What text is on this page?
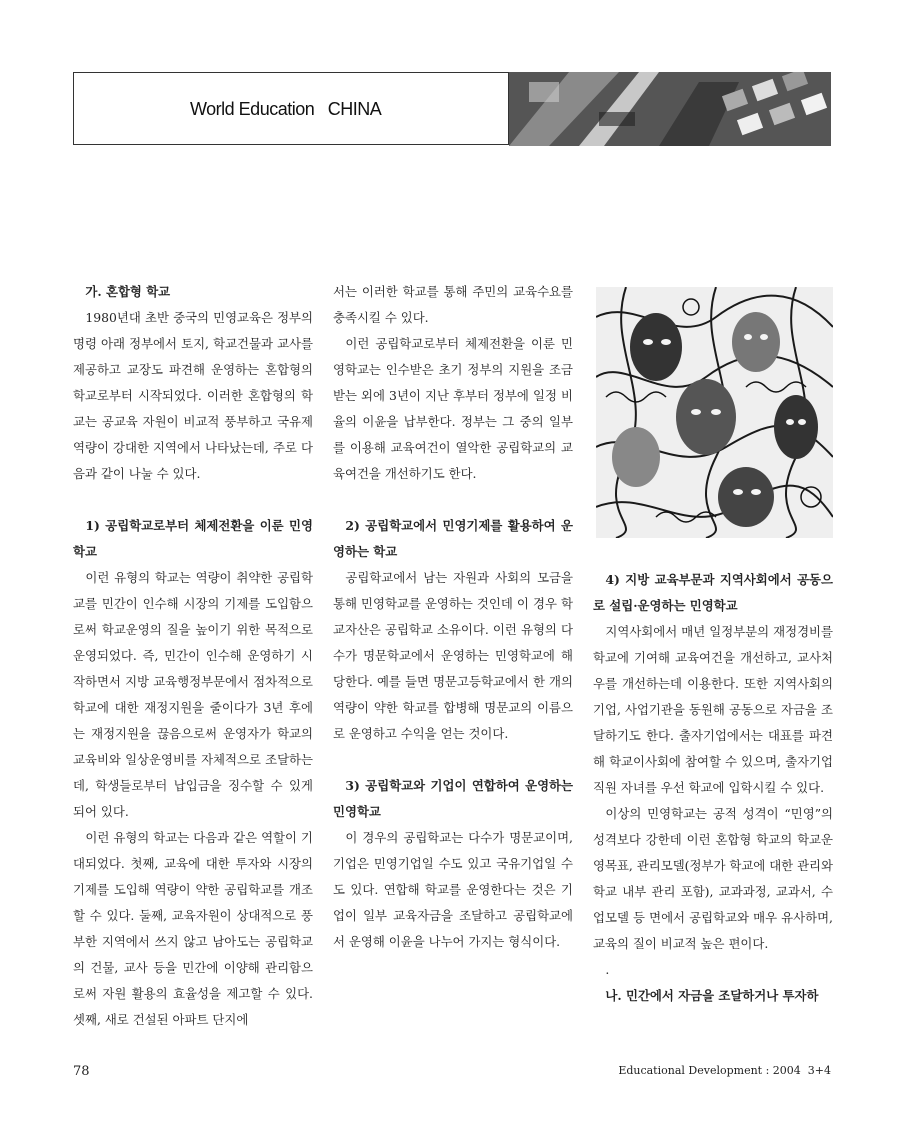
World Education   CHINA
가. 혼합형 학교

1980년대 초반 중국의 민영교육은 정부의 명령 아래 정부에서 토지, 학교건물과 교사를 제공하고 교장도 파견해 운영하는 혼합형의 학교로부터 시작되었다. 이러한 혼합형의 학교는 공교육 자원이 비교적 풍부하고 국유제 역량이 강대한 지역에서 나타났는데, 주로 다음과 같이 나눌 수 있다.

1) 공립학교로부터 체제전환을 이룬 민영학교

이런 유형의 학교는 역량이 취약한 공립학교를 민간이 인수해 시장의 기제를 도입함으로써 학교운영의 질을 높이기 위한 목적으로 운영되었다. 즉, 민간이 인수해 운영하기 시작하면서 지방 교육행정부문에서 점차적으로 학교에 대한 재정지원을 줄이다가 3년 후에는 재정지원을 끊음으로써 운영자가 학교의 교육비와 일상운영비를 자체적으로 조달하는데, 학생들로부터 납입금을 징수할 수 있게 되어 있다.

이런 유형의 학교는 다음과 같은 역할이 기대되었다. 첫째, 교육에 대한 투자와 시장의 기제를 도입해 역량이 약한 공립학교를 개조할 수 있다. 둘째, 교육자원이 상대적으로 풍부한 지역에서 쓰지 않고 남아도는 공립학교의 건물, 교사 등을 민간에 이양해 관리함으로써 자원 활용의 효율성을 제고할 수 있다. 셋째, 새로 건설된 아파트 단지에

서는 이러한 학교를 통해 주민의 교육수요를 충족시킬 수 있다.

이런 공립학교로부터 체제전환을 이룬 민영학교는 인수받은 초기 정부의 지원을 조금 받는 외에 3년이 지난 후부터 정부에 일정 비율의 이윤을 납부한다. 정부는 그 중의 일부를 이용해 교육여건이 열악한 공립학교의 교육여건을 개선하기도 한다.

2) 공립학교에서 민영기제를 활용하여 운영하는 학교

공립학교에서 남는 자원과 사회의 모금을 통해 민영학교를 운영하는 것인데 이 경우 학교자산은 공립학교 소유이다. 이런 유형의 다수가 명문학교에서 운영하는 민영학교에 해당한다. 예를 들면 명문고등학교에서 한 개의 역량이 약한 학교를 합병해 명문교의 이름으로 운영하고 수익을 얻는 것이다.

3) 공립학교와 기업이 연합하여 운영하는 민영학교

이 경우의 공립학교는 다수가 명문교이며, 기업은 민영기업일 수도 있고 국유기업일 수도 있다. 연합해 학교를 운영한다는 것은 기업이 일부 교육자금을 조달하고 공립학교에서 운영해 이윤을 나누어 가지는 형식이다.

4) 지방 교육부문과 지역사회에서 공동으로 설립·운영하는 민영학교

지역사회에서 매년 일정부분의 재정경비를 학교에 기여해 교육여건을 개선하고, 교사처우를 개선하는데 이용한다. 또한 지역사회의 기업, 사업기관을 동원해 공동으로 자금을 조달하기도 한다. 출자기업에서는 대표를 파견해 학교이사회에 참여할 수 있으며, 출자기업 직원 자녀를 우선 학교에 입학시킬 수 있다.

이상의 민영학교는 공적 성격이 “민영”의 성격보다 강한데 이런 혼합형 학교의 학교운영목표, 관리모델(정부가 학교에 대한 관리와 학교 내부 관리 포함), 교과과정, 교과서, 수업모델 등 면에서 공립학교와 매우 유사하며, 교육의 질이 비교적 높은 편이다.

.

나. 민간에서 자금을 조달하거나 투자하
78	Educational Development : 2004  3+4
